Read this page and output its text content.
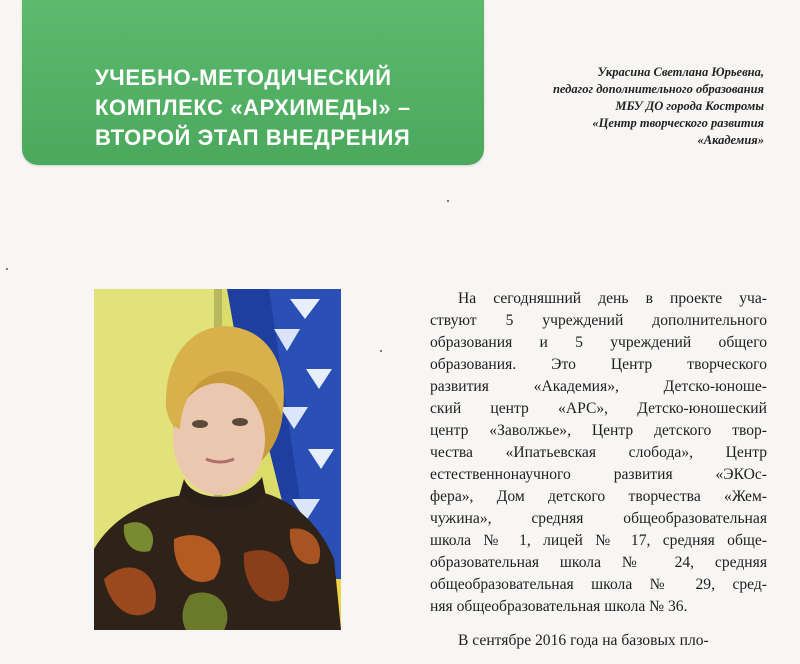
УЧЕБНО-МЕТОДИЧЕСКИЙ
КОМПЛЕКС «АРХИМЕДЫ» –
ВТОРОЙ ЭТАП ВНЕДРЕНИЯ
Украсина Светлана Юрьевна,
педагог дополнительного образования
МБУ ДО города Костромы
«Центр творческого развития
«Академия»
На сегодняшний день в проекте уча-
ствуют 5 учреждений дополнительного
образования и 5 учреждений общего
образования. Это Центр творческого
развития «Академия», Детско-юноше-
ский центр «АРС», Детско-юношеский
центр «Заволжье», Центр детского твор-
чества «Ипатьевская слобода», Центр
естественнонаучного развития «ЭКОс-
фера», Дом детского творчества «Жем-
чужина», средняя общеобразовательная
школа № 1, лицей № 17, средняя обще-
образовательная школа № 24, средняя
общеобразовательная школа № 29, сред-
няя общеобразовательная школа № 36.
В сентябре 2016 года на базовых пло-
